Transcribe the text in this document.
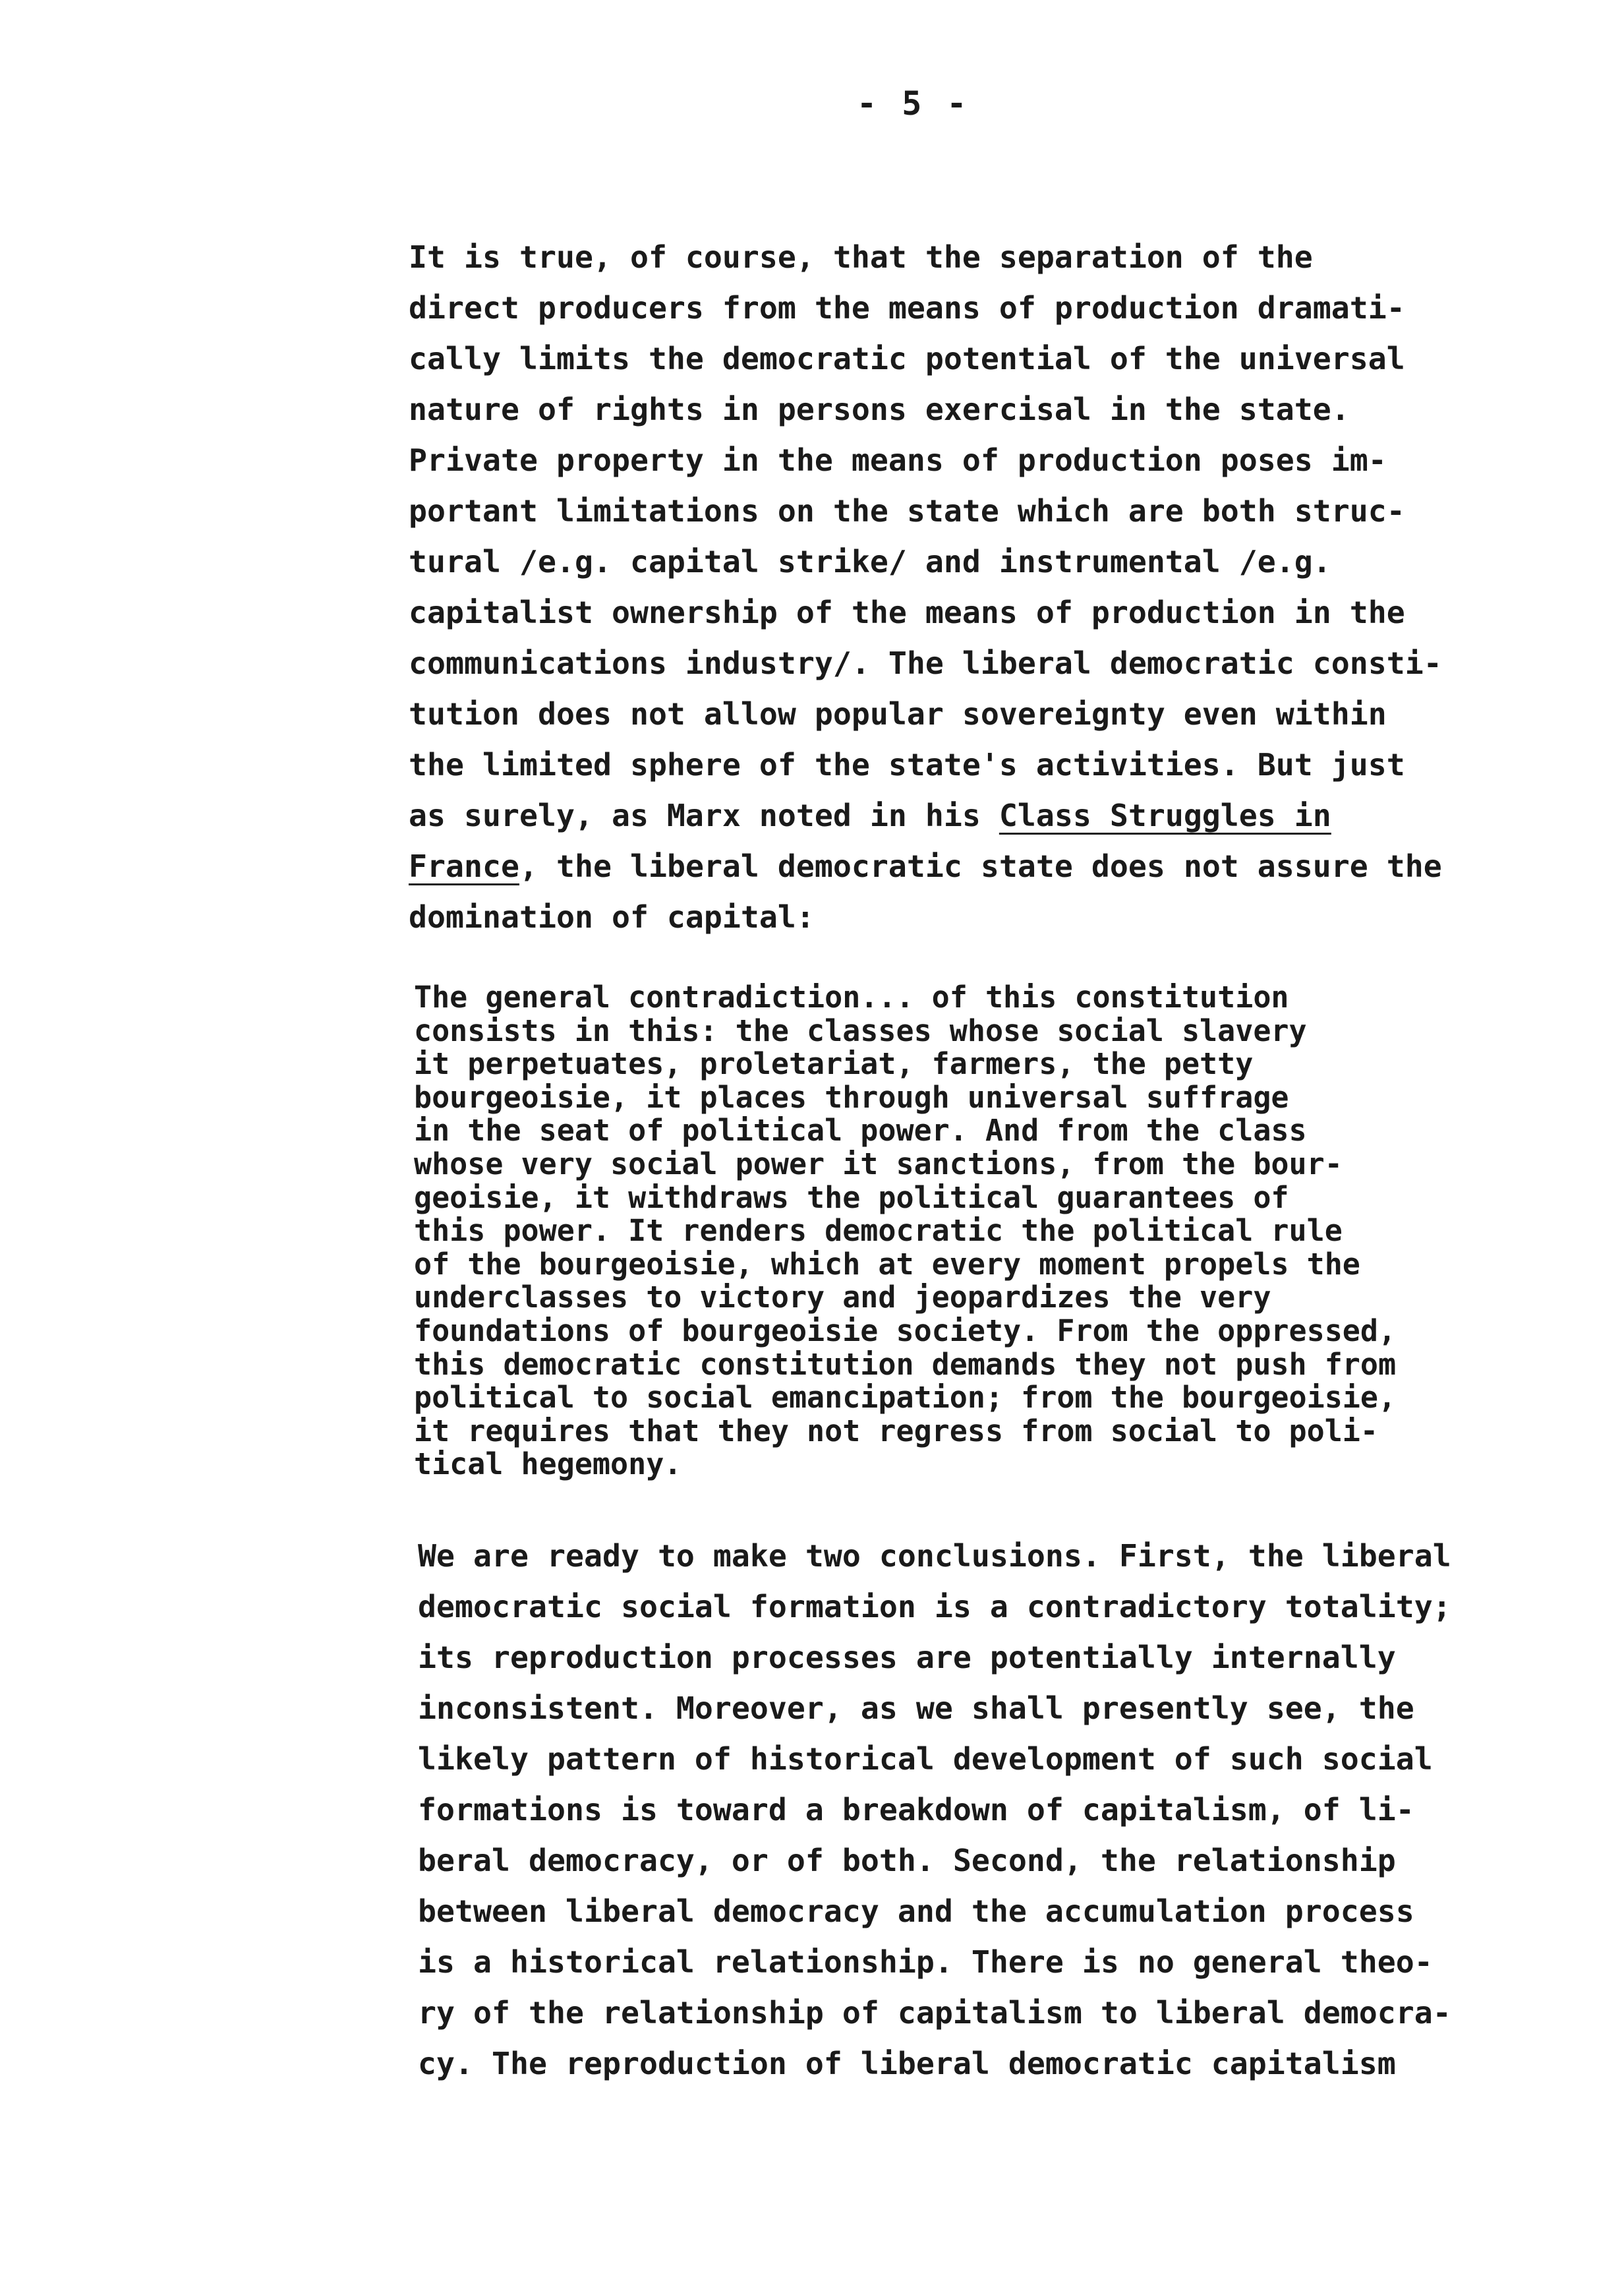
- 5 -
It is true, of course, that the separation of the
direct producers from the means of production dramati-
cally limits the democratic potential of the universal
nature of rights in persons exercisal in the state.
Private property in the means of production poses im-
portant limitations on the state which are both struc-
tural /e.g. capital strike/ and instrumental /e.g.
capitalist ownership of the means of production in the
communications industry/. The liberal democratic consti-
tution does not allow popular sovereignty even within
the limited sphere of the state's activities. But just
as surely, as Marx noted in his Class Struggles in
France, the liberal democratic state does not assure the
domination of capital:
The general contradiction... of this constitution
consists in this: the classes whose social slavery
it perpetuates, proletariat, farmers, the petty
bourgeoisie, it places through universal suffrage
in the seat of political power. And from the class
whose very social power it sanctions, from the bour-
geoisie, it withdraws the political guarantees of
this power. It renders democratic the political rule
of the bourgeoisie, which at every moment propels the
underclasses to victory and jeopardizes the very
foundations of bourgeoisie society. From the oppressed,
this democratic constitution demands they not push from
political to social emancipation; from the bourgeoisie,
it requires that they not regress from social to poli-
tical hegemony.
We are ready to make two conclusions. First, the liberal
democratic social formation is a contradictory totality;
its reproduction processes are potentially internally
inconsistent. Moreover, as we shall presently see, the
likely pattern of historical development of such social
formations is toward a breakdown of capitalism, of li-
beral democracy, or of both. Second, the relationship
between liberal democracy and the accumulation process
is a historical relationship. There is no general theo-
ry of the relationship of capitalism to liberal democra-
cy. The reproduction of liberal democratic capitalism
